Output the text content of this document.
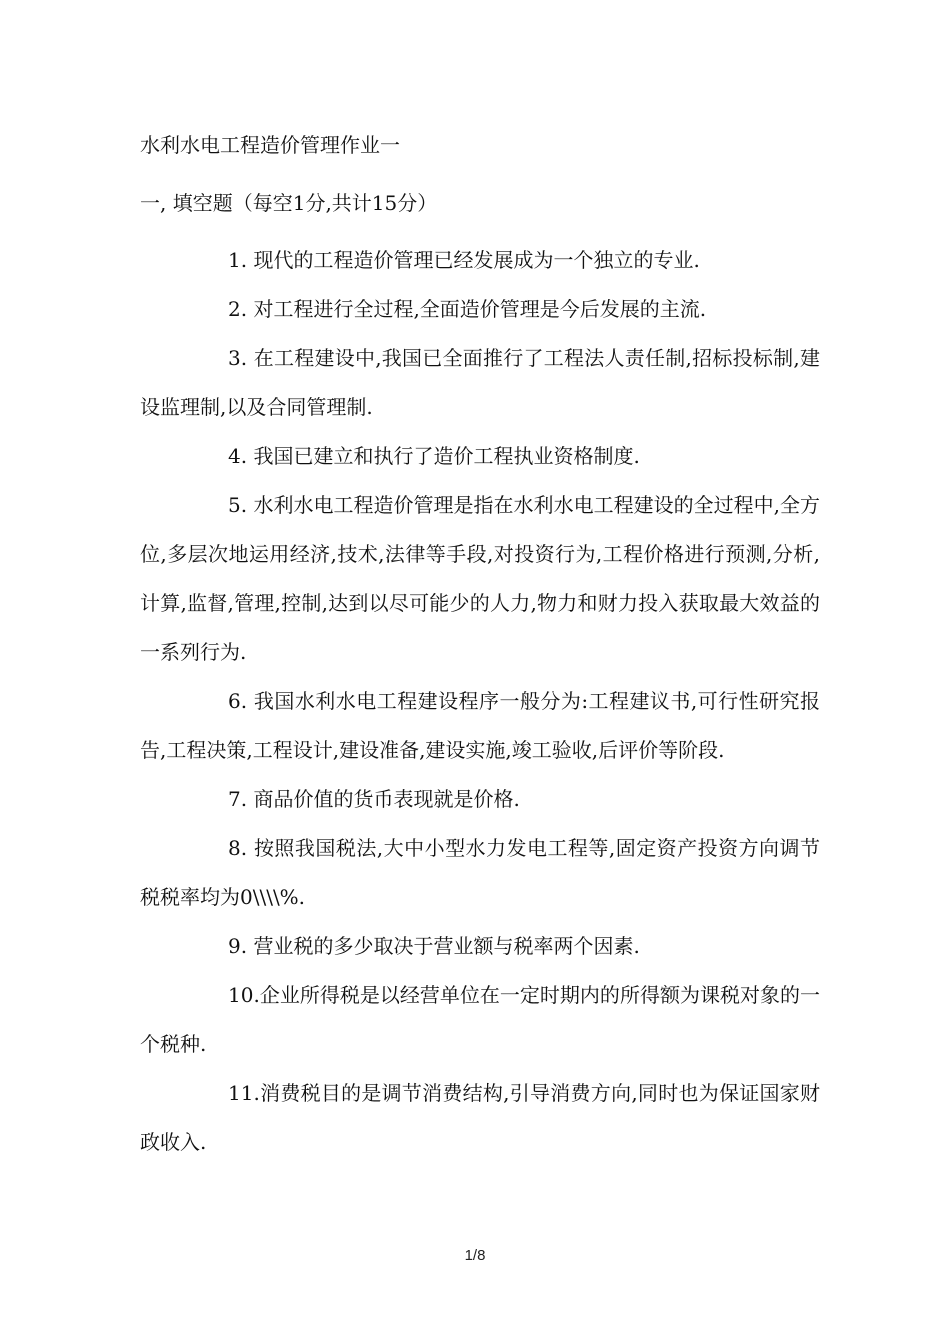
水利水电工程造价管理作业一
一, 填空题（每空1分,共计15分）

1. 现代的工程造价管理已经发展成为一个独立的专业.

2. 对工程进行全过程,全面造价管理是今后发展的主流.

3. 在工程建设中,我国已全面推行了工程法人责任制,招标投标制,建设监理制,以及合同管理制.

4. 我国已建立和执行了造价工程执业资格制度.

5. 水利水电工程造价管理是指在水利水电工程建设的全过程中,全方位,多层次地运用经济,技术,法律等手段,对投资行为,工程价格进行预测,分析,计算,监督,管理,控制,达到以尽可能少的人力,物力和财力投入获取最大效益的一系列行为.

6. 我国水利水电工程建设程序一般分为:工程建议书,可行性研究报告,工程决策,工程设计,建设准备,建设实施,竣工验收,后评价等阶段.

7. 商品价值的货币表现就是价格.

8. 按照我国税法,大中小型水力发电工程等,固定资产投资方向调节税税率均为0\\\\%.

9. 营业税的多少取决于营业额与税率两个因素.

10.企业所得税是以经营单位在一定时期内的所得额为课税对象的一个税种.

11.消费税目的是调节消费结构,引导消费方向,同时也为保证国家财政收入.

1/8
